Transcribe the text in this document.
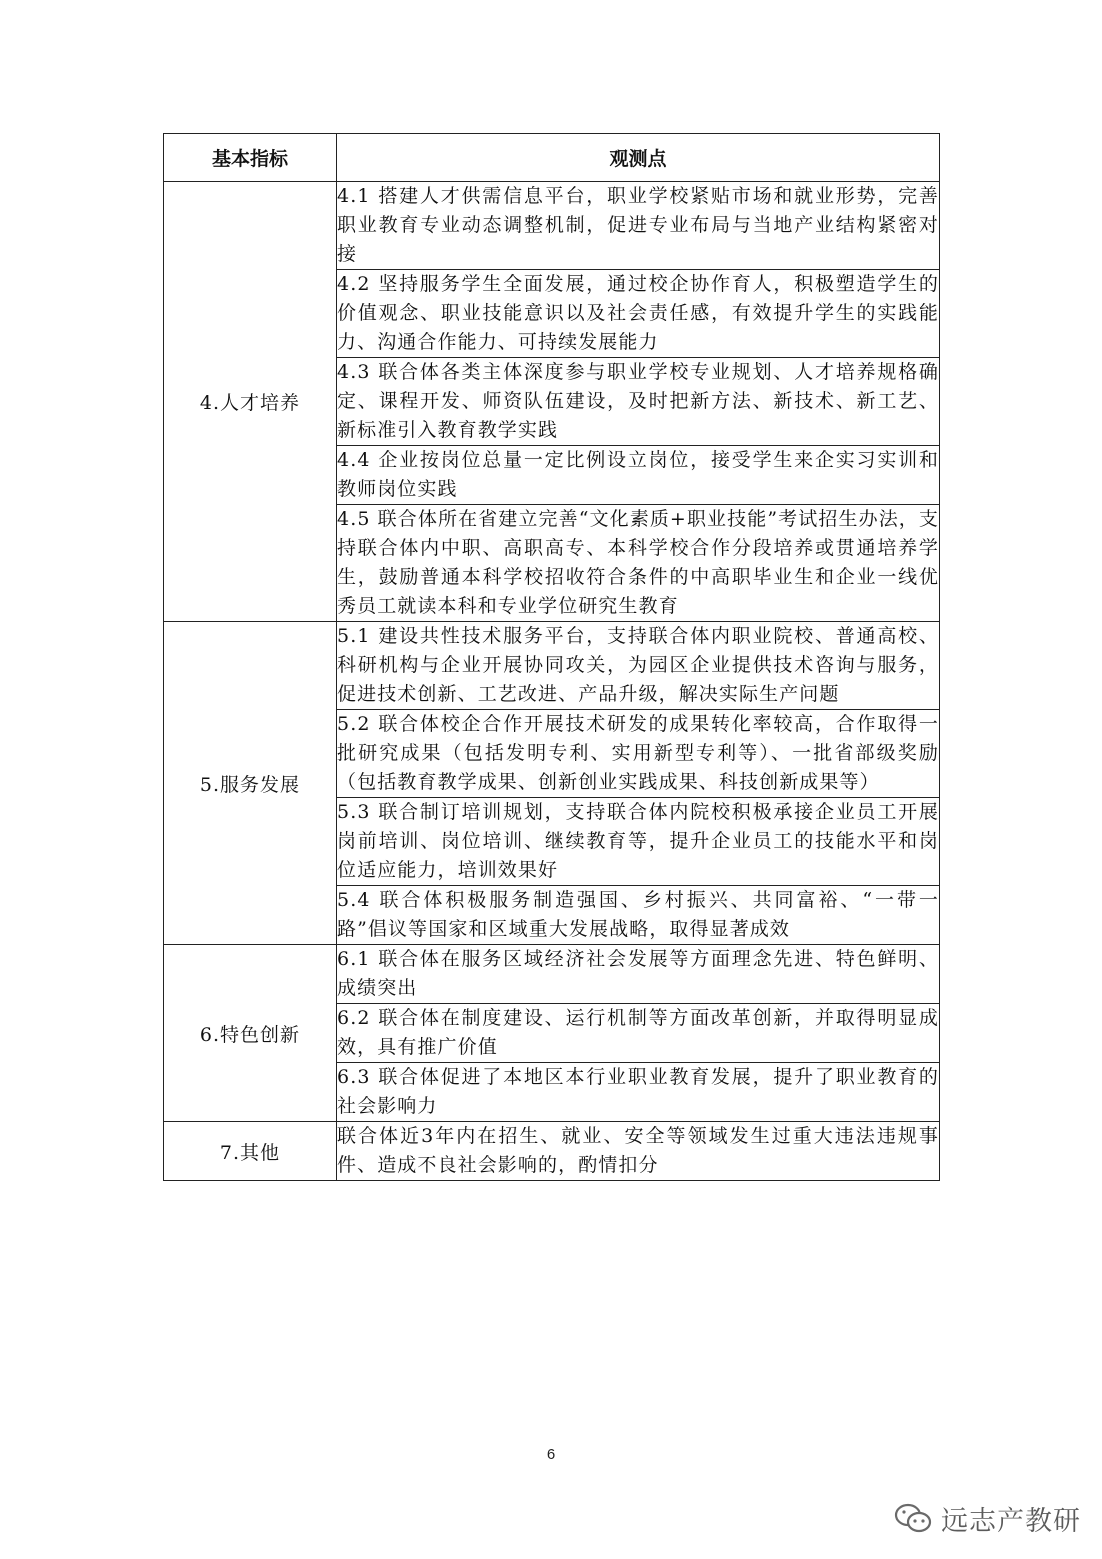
基本指标	观测点
4.人才培养	4.1 搭建人才供需信息平台，职业学校紧贴市场和就业形势，完善职业教育专业动态调整机制，促进专业布局与当地产业结构紧密对接
	4.2 坚持服务学生全面发展，通过校企协作育人，积极塑造学生的价值观念、职业技能意识以及社会责任感，有效提升学生的实践能力、沟通合作能力、可持续发展能力
	4.3 联合体各类主体深度参与职业学校专业规划、人才培养规格确定、课程开发、师资队伍建设，及时把新方法、新技术、新工艺、新标准引入教育教学实践
	4.4 企业按岗位总量一定比例设立岗位，接受学生来企实习实训和教师岗位实践
	4.5 联合体所在省建立完善“文化素质+职业技能”考试招生办法，支持联合体内中职、高职高专、本科学校合作分段培养或贯通培养学生，鼓励普通本科学校招收符合条件的中高职毕业生和企业一线优秀员工就读本科和专业学位研究生教育
5.服务发展	5.1 建设共性技术服务平台，支持联合体内职业院校、普通高校、科研机构与企业开展协同攻关，为园区企业提供技术咨询与服务，促进技术创新、工艺改进、产品升级，解决实际生产问题
	5.2 联合体校企合作开展技术研发的成果转化率较高，合作取得一批研究成果（包括发明专利、实用新型专利等）、一批省部级奖励（包括教育教学成果、创新创业实践成果、科技创新成果等）
	5.3 联合制订培训规划，支持联合体内院校积极承接企业员工开展岗前培训、岗位培训、继续教育等，提升企业员工的技能水平和岗位适应能力，培训效果好
	5.4 联合体积极服务制造强国、乡村振兴、共同富裕、“一带一路”倡议等国家和区域重大发展战略，取得显著成效
6.特色创新	6.1 联合体在服务区域经济社会发展等方面理念先进、特色鲜明、成绩突出
	6.2 联合体在制度建设、运行机制等方面改革创新，并取得明显成效，具有推广价值
	6.3 联合体促进了本地区本行业职业教育发展，提升了职业教育的社会影响力
7.其他	联合体近3年内在招生、就业、安全等领域发生过重大违法违规事件、造成不良社会影响的，酌情扣分
6
远志产教研
